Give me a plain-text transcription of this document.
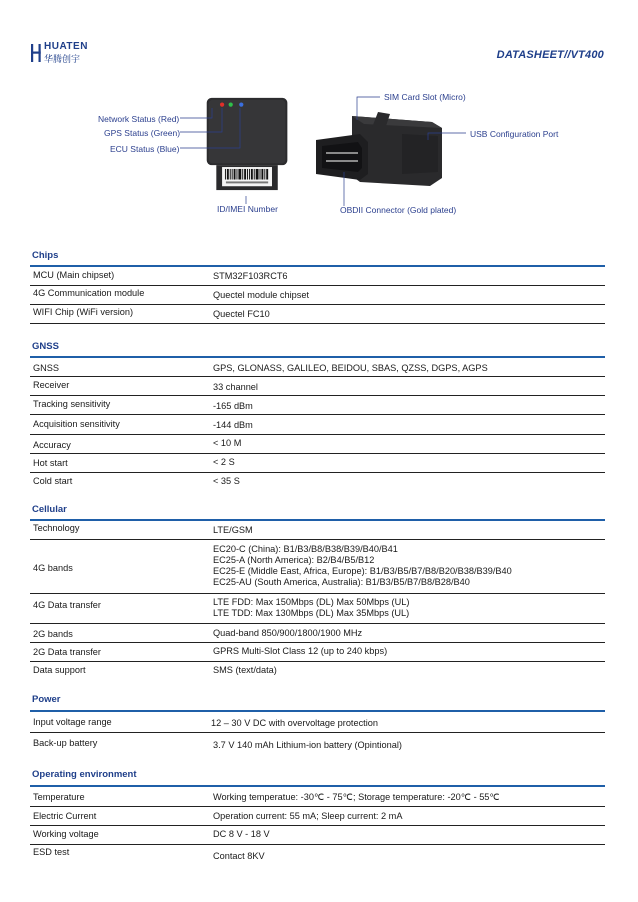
HUATEN
华腾创宇	DATASHEET//VT400
Network Status (Red)
GPS Status (Green)
ECU Status (Blue)
ID/IMEI Number
SIM Card Slot (Micro)
USB Configuration Port
OBDII Connector (Gold plated)
Chips
MCU (Main chipset)	STM32F103RCT6
4G Communication module	Quectel module chipset
WIFI Chip (WiFi version)	Quectel FC10
GNSS
GNSS	GPS, GLONASS, GALILEO, BEIDOU, SBAS, QZSS, DGPS, AGPS
Receiver	33 channel
Tracking sensitivity	-165 dBm
Acquisition sensitivity	-144 dBm
Accuracy	< 10 M
Hot start	< 2 S
Cold start	< 35 S
Cellular
Technology	LTE/GSM
4G bands
EC20-C (China): B1/B3/B8/B38/B39/B40/B41
EC25-A (North America): B2/B4/B5/B12
EC25-E (Middle East, Africa, Europe): B1/B3/B5/B7/B8/B20/B38/B39/B40
EC25-AU (South America, Australia): B1/B3/B5/B7/B8/B28/B40
4G Data transfer	LTE FDD: Max 150Mbps (DL) Max 50Mbps (UL)
LTE TDD: Max 130Mbps (DL) Max 35Mbps (UL)
2G bands	Quad-band 850/900/1800/1900 MHz
2G Data transfer	GPRS Multi-Slot Class 12 (up to 240 kbps)
Data support	SMS (text/data)
Power
Input voltage range	12 – 30 V DC with overvoltage protection
Back-up battery	3.7 V 140 mAh Lithium-ion battery (Opintional)
Operating environment
Temperature	Working temperatue: -30℃ - 75℃; Storage temperature: -20℃ - 55℃
Electric Current	Operation current: 55 mA; Sleep current: 2 mA
Working voltage	DC 8 V - 18 V
ESD test	Contact 8KV
